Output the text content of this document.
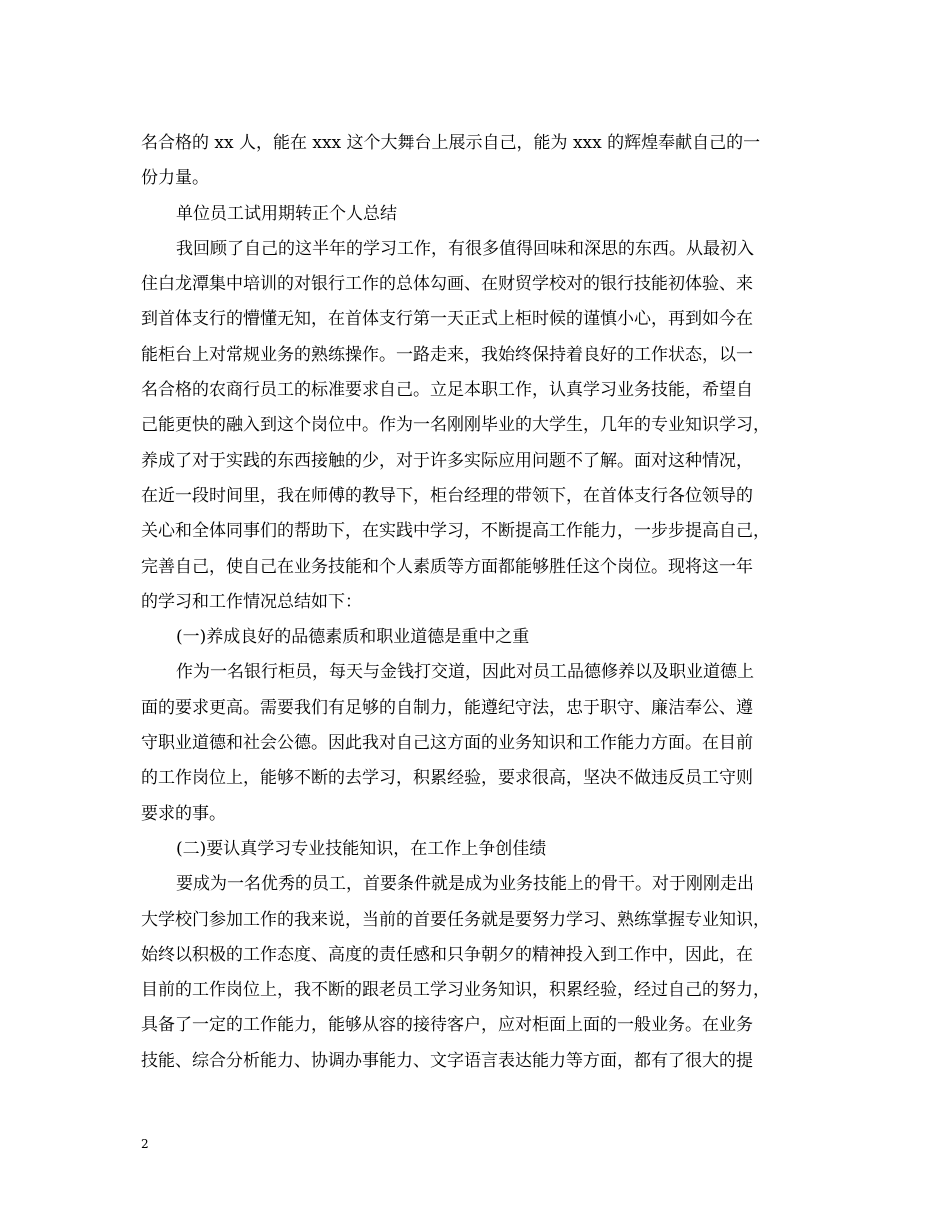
名合格的 xx 人，能在 xxx 这个大舞台上展示自己，能为 xxx 的辉煌奉献自己的一
份力量。
单位员工试用期转正个人总结
我回顾了自己的这半年的学习工作，有很多值得回味和深思的东西。从最初入
住白龙潭集中培训的对银行工作的总体勾画、在财贸学校对的银行技能初体验、来
到首体支行的懵懂无知，在首体支行第一天正式上柜时候的谨慎小心，再到如今在
能柜台上对常规业务的熟练操作。一路走来，我始终保持着良好的工作状态，以一
名合格的农商行员工的标准要求自己。立足本职工作，认真学习业务技能，希望自
己能更快的融入到这个岗位中。作为一名刚刚毕业的大学生，几年的专业知识学习，
养成了对于实践的东西接触的少，对于许多实际应用问题不了解。面对这种情况，
在近一段时间里，我在师傅的教导下，柜台经理的带领下，在首体支行各位领导的
关心和全体同事们的帮助下，在实践中学习，不断提高工作能力，一步步提高自己，
完善自己，使自己在业务技能和个人素质等方面都能够胜任这个岗位。现将这一年
的学习和工作情况总结如下：
(一)养成良好的品德素质和职业道德是重中之重
作为一名银行柜员，每天与金钱打交道，因此对员工品德修养以及职业道德上
面的要求更高。需要我们有足够的自制力，能遵纪守法，忠于职守、廉洁奉公、遵
守职业道德和社会公德。因此我对自己这方面的业务知识和工作能力方面。在目前
的工作岗位上，能够不断的去学习，积累经验，要求很高，坚决不做违反员工守则
要求的事。
(二)要认真学习专业技能知识，在工作上争创佳绩
要成为一名优秀的员工，首要条件就是成为业务技能上的骨干。对于刚刚走出
大学校门参加工作的我来说，当前的首要任务就是要努力学习、熟练掌握专业知识，
始终以积极的工作态度、高度的责任感和只争朝夕的精神投入到工作中，因此，在
目前的工作岗位上，我不断的跟老员工学习业务知识，积累经验，经过自己的努力，
具备了一定的工作能力，能够从容的接待客户，应对柜面上面的一般业务。在业务
技能、综合分析能力、协调办事能力、文字语言表达能力等方面，都有了很大的提
2
